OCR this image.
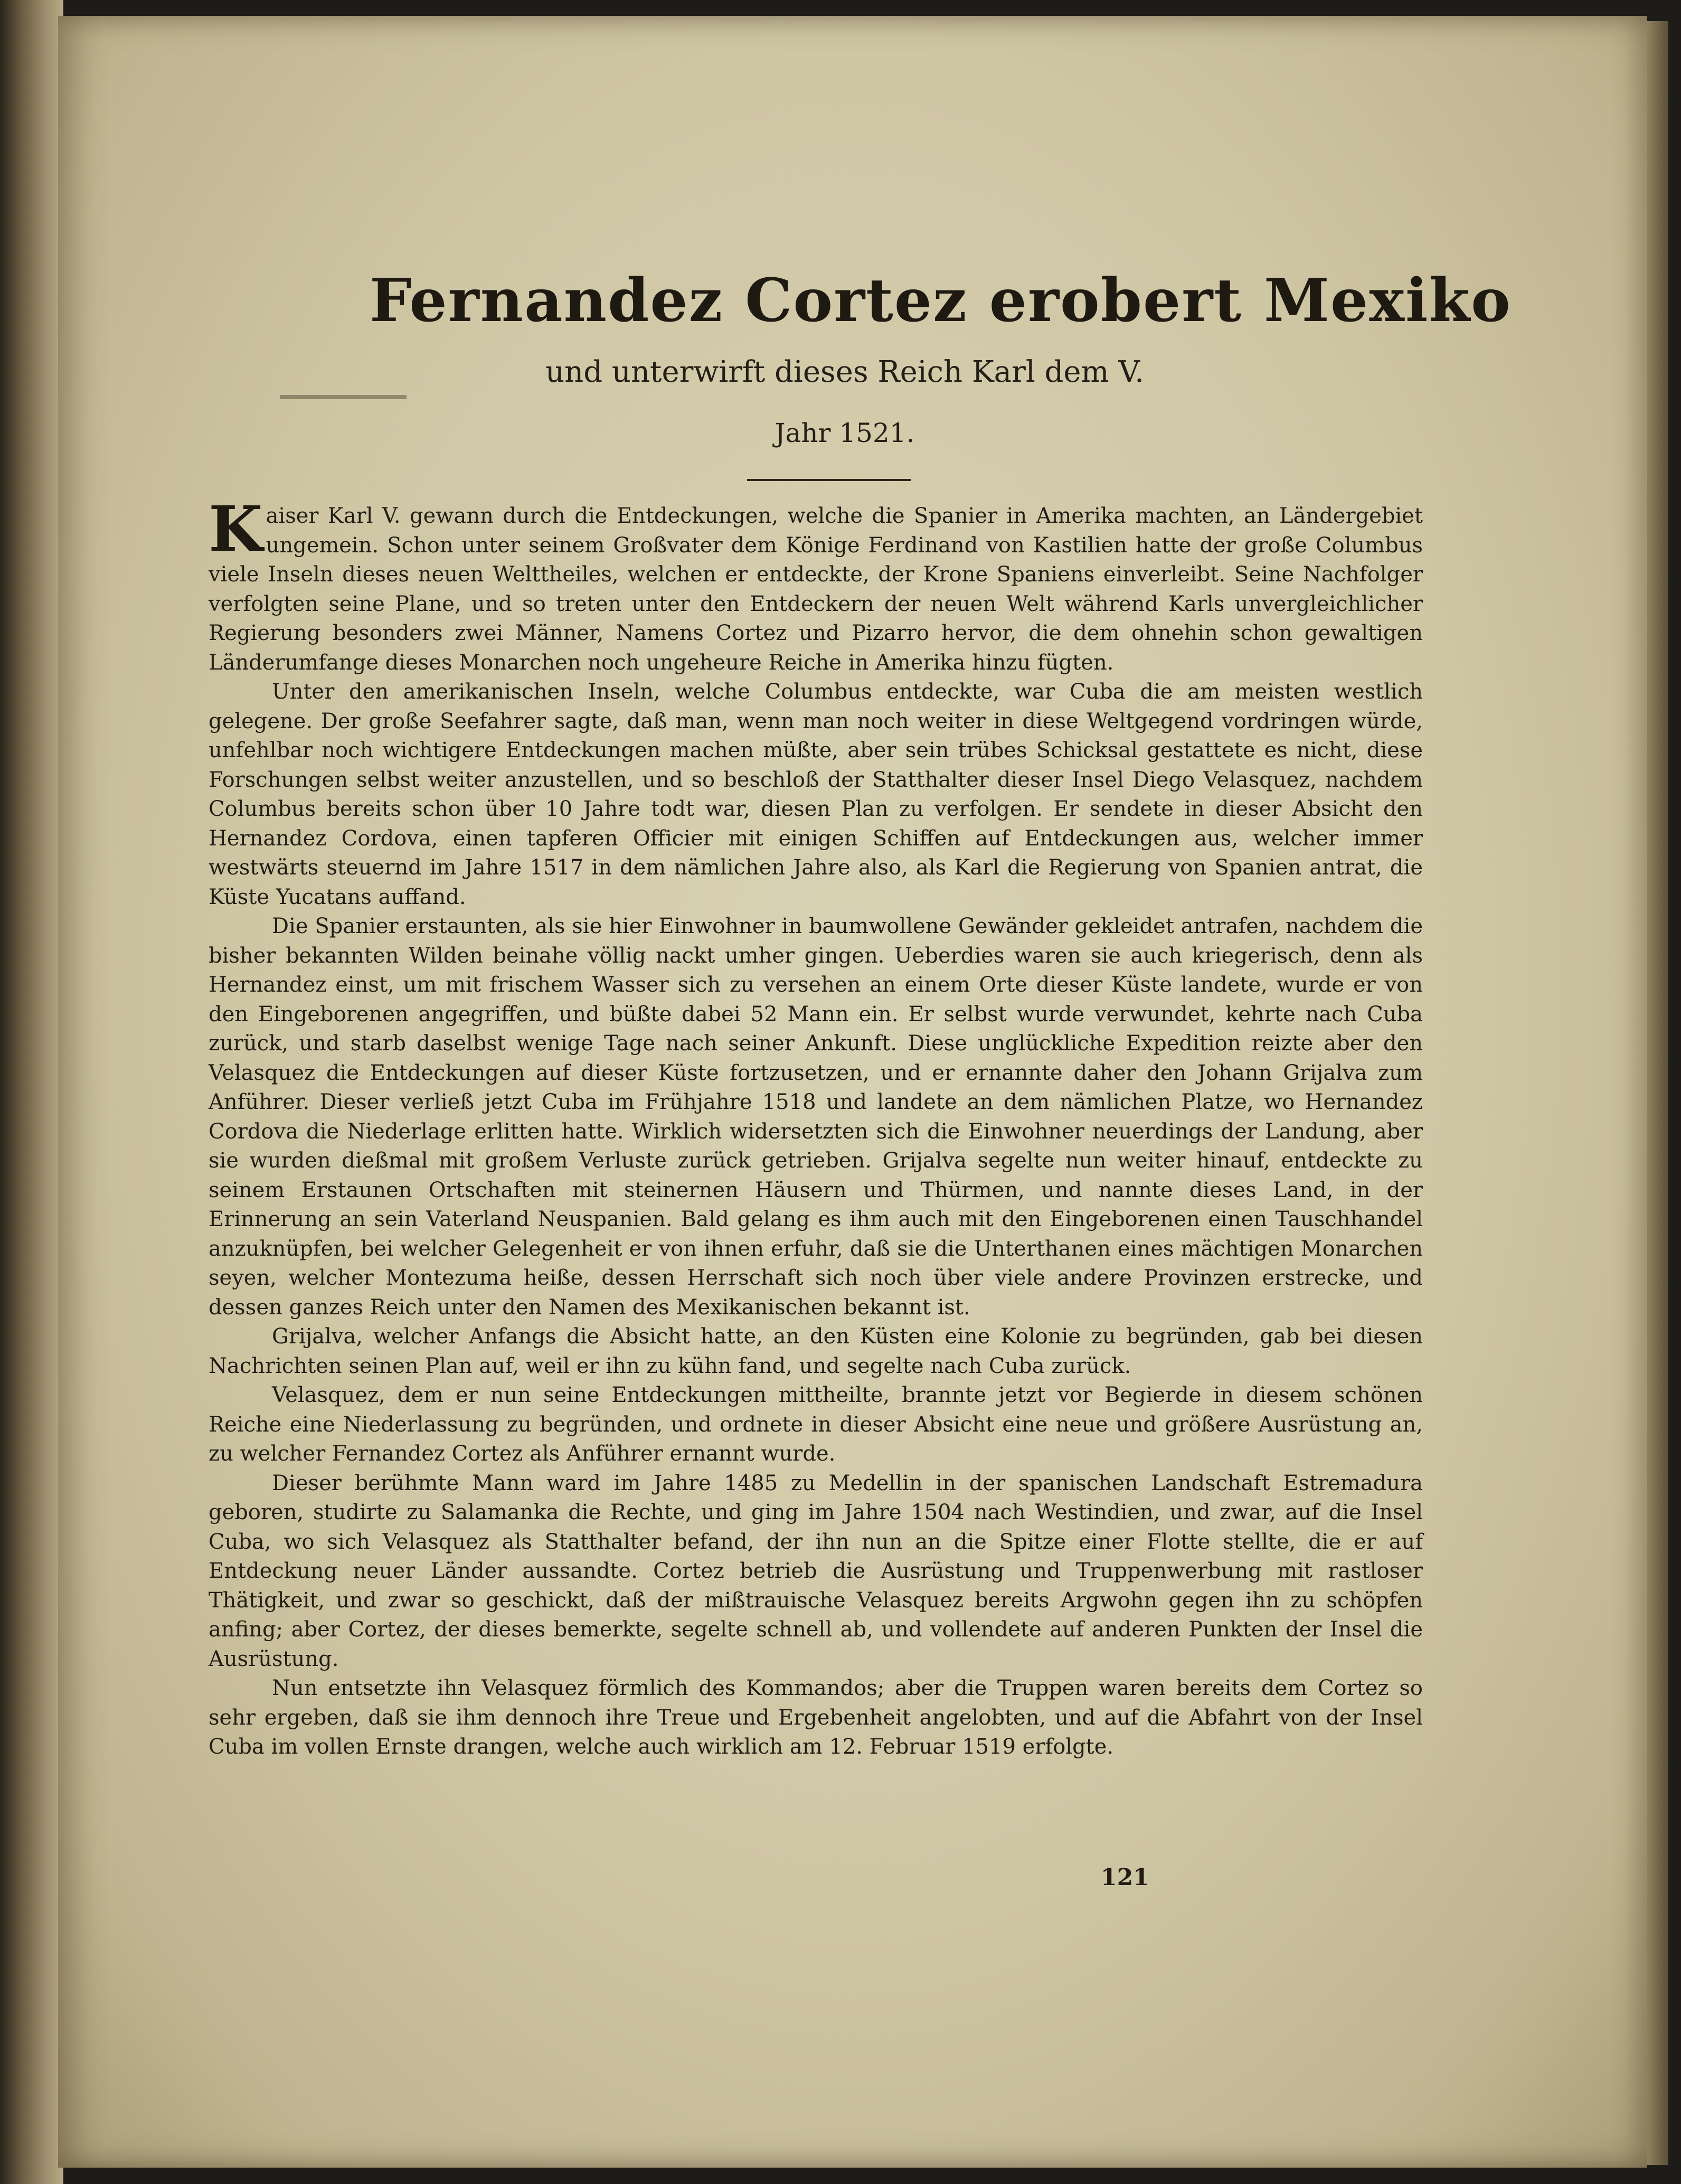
Fernandez Cortez erobert Mexiko
und unterwirft dieses Reich Karl dem V.
Jahr 1521.

Kaiser Karl V. gewann durch die Entdeckungen, welche die Spanier in Amerika machten, an Ländergebiet ungemein. Schon unter seinem Großvater dem Könige Ferdinand von Kastilien hatte der große Columbus viele Inseln dieses neuen Welttheiles, welchen er entdeckte, der Krone Spaniens einverleibt. Seine Nachfolger verfolgten seine Plane, und so treten unter den Entdeckern der neuen Welt während Karls unvergleichlicher Regierung besonders zwei Männer, Namens Cortez und Pizarro hervor, die dem ohnehin schon gewaltigen Länderumfange dieses Monarchen noch ungeheure Reiche in Amerika hinzu fügten.

Unter den amerikanischen Inseln, welche Columbus entdeckte, war Cuba die am meisten westlich gelegene. Der große Seefahrer sagte, daß man, wenn man noch weiter in diese Weltgegend vordringen würde, unfehlbar noch wichtigere Entdeckungen machen müßte, aber sein trübes Schicksal gestattete es nicht, diese Forschungen selbst weiter anzustellen, und so beschloß der Statthalter dieser Insel Diego Velasquez, nachdem Columbus bereits schon über 10 Jahre todt war, diesen Plan zu verfolgen. Er sendete in dieser Absicht den Hernandez Cordova, einen tapferen Officier mit einigen Schiffen auf Entdeckungen aus, welcher immer westwärts steuernd im Jahre 1517 in dem nämlichen Jahre also, als Karl die Regierung von Spanien antrat, die Küste Yucatans auffand.

Die Spanier erstaunten, als sie hier Einwohner in baumwollene Gewänder gekleidet antrafen, nachdem die bisher bekannten Wilden beinahe völlig nackt umher gingen. Ueberdies waren sie auch kriegerisch, denn als Hernandez einst, um mit frischem Wasser sich zu versehen an einem Orte dieser Küste landete, wurde er von den Eingeborenen angegriffen, und büßte dabei 52 Mann ein. Er selbst wurde verwundet, kehrte nach Cuba zurück, und starb daselbst wenige Tage nach seiner Ankunft. Diese unglückliche Expedition reizte aber den Velasquez die Entdeckungen auf dieser Küste fortzusetzen, und er ernannte daher den Johann Grijalva zum Anführer. Dieser verließ jetzt Cuba im Frühjahre 1518 und landete an dem nämlichen Platze, wo Hernandez Cordova die Niederlage erlitten hatte. Wirklich widersetzten sich die Einwohner neuerdings der Landung, aber sie wurden dießmal mit großem Verluste zurück getrieben. Grijalva segelte nun weiter hinauf, entdeckte zu seinem Erstaunen Ortschaften mit steinernen Häusern und Thürmen, und nannte dieses Land, in der Erinnerung an sein Vaterland Neuspanien. Bald gelang es ihm auch mit den Eingeborenen einen Tauschhandel anzuknüpfen, bei welcher Gelegenheit er von ihnen erfuhr, daß sie die Unterthanen eines mächtigen Monarchen seyen, welcher Montezuma heiße, dessen Herrschaft sich noch über viele andere Provinzen erstrecke, und dessen ganzes Reich unter den Namen des Mexikanischen bekannt ist.

Grijalva, welcher Anfangs die Absicht hatte, an den Küsten eine Kolonie zu begründen, gab bei diesen Nachrichten seinen Plan auf, weil er ihn zu kühn fand, und segelte nach Cuba zurück.

Velasquez, dem er nun seine Entdeckungen mittheilte, brannte jetzt vor Begierde in diesem schönen Reiche eine Niederlassung zu begründen, und ordnete in dieser Absicht eine neue und größere Ausrüstung an, zu welcher Fernandez Cortez als Anführer ernannt wurde.

Dieser berühmte Mann ward im Jahre 1485 zu Medellin in der spanischen Landschaft Estremadura geboren, studirte zu Salamanka die Rechte, und ging im Jahre 1504 nach Westindien, und zwar, auf die Insel Cuba, wo sich Velasquez als Statthalter befand, der ihn nun an die Spitze einer Flotte stellte, die er auf Entdeckung neuer Länder aussandte. Cortez betrieb die Ausrüstung und Truppenwerbung mit rastloser Thätigkeit, und zwar so geschickt, daß der mißtrauische Velasquez bereits Argwohn gegen ihn zu schöpfen anfing; aber Cortez, der dieses bemerkte, segelte schnell ab, und vollendete auf anderen Punkten der Insel die Ausrüstung.

Nun entsetzte ihn Velasquez förmlich des Kommandos; aber die Truppen waren bereits dem Cortez so sehr ergeben, daß sie ihm dennoch ihre Treue und Ergebenheit angelobten, und auf die Abfahrt von der Insel Cuba im vollen Ernste drangen, welche auch wirklich am 12. Februar 1519 erfolgte.

121
